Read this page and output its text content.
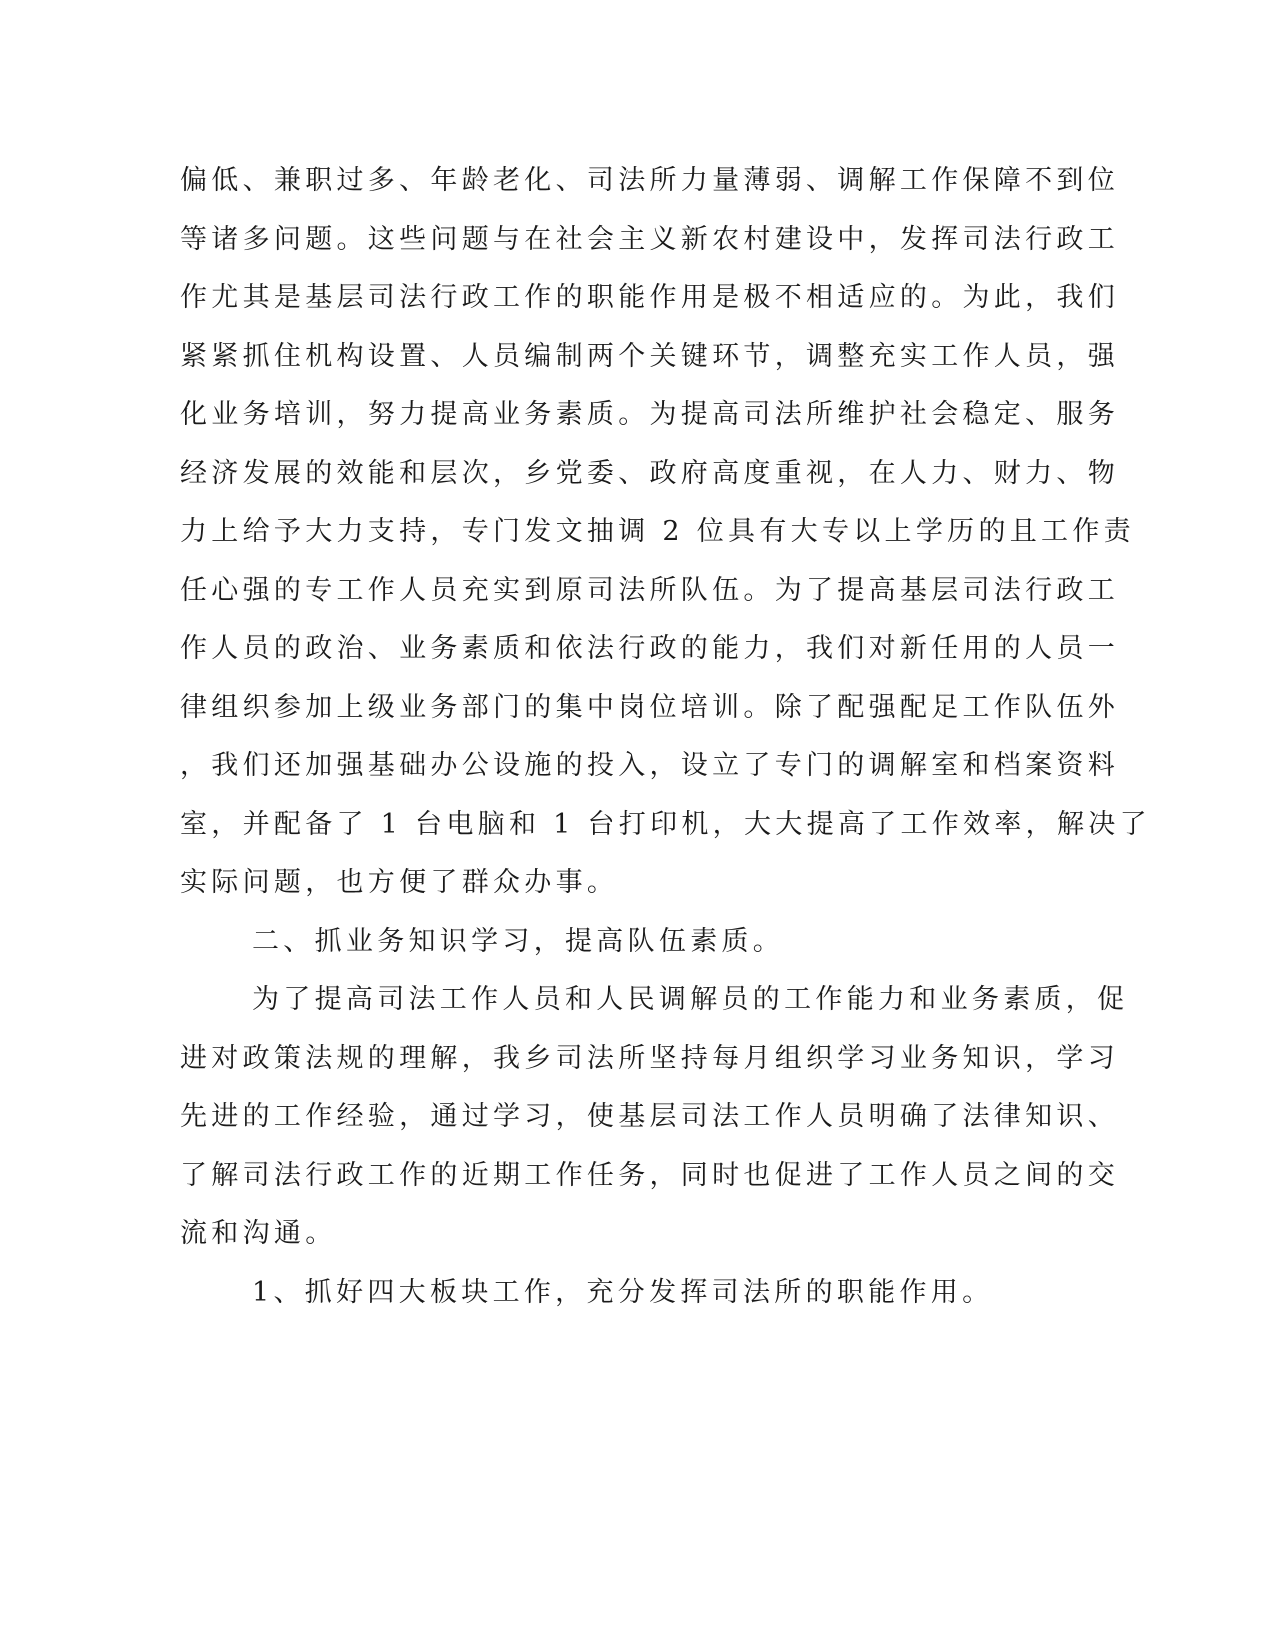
偏低、兼职过多、年龄老化、司法所力量薄弱、调解工作保障不到位
等诸多问题。这些问题与在社会主义新农村建设中，发挥司法行政工
作尤其是基层司法行政工作的职能作用是极不相适应的。为此，我们
紧紧抓住机构设置、人员编制两个关键环节，调整充实工作人员，强
化业务培训，努力提高业务素质。为提高司法所维护社会稳定、服务
经济发展的效能和层次，乡党委、政府高度重视，在人力、财力、物
力上给予大力支持，专门发文抽调 2 位具有大专以上学历的且工作责
任心强的专工作人员充实到原司法所队伍。为了提高基层司法行政工
作人员的政治、业务素质和依法行政的能力，我们对新任用的人员一
律组织参加上级业务部门的集中岗位培训。除了配强配足工作队伍外
，我们还加强基础办公设施的投入，设立了专门的调解室和档案资料
室，并配备了 1 台电脑和 1 台打印机，大大提高了工作效率，解决了
实际问题，也方便了群众办事。
二、抓业务知识学习，提高队伍素质。
为了提高司法工作人员和人民调解员的工作能力和业务素质，促
进对政策法规的理解，我乡司法所坚持每月组织学习业务知识，学习
先进的工作经验，通过学习，使基层司法工作人员明确了法律知识、
了解司法行政工作的近期工作任务，同时也促进了工作人员之间的交
流和沟通。
1、抓好四大板块工作，充分发挥司法所的职能作用。
